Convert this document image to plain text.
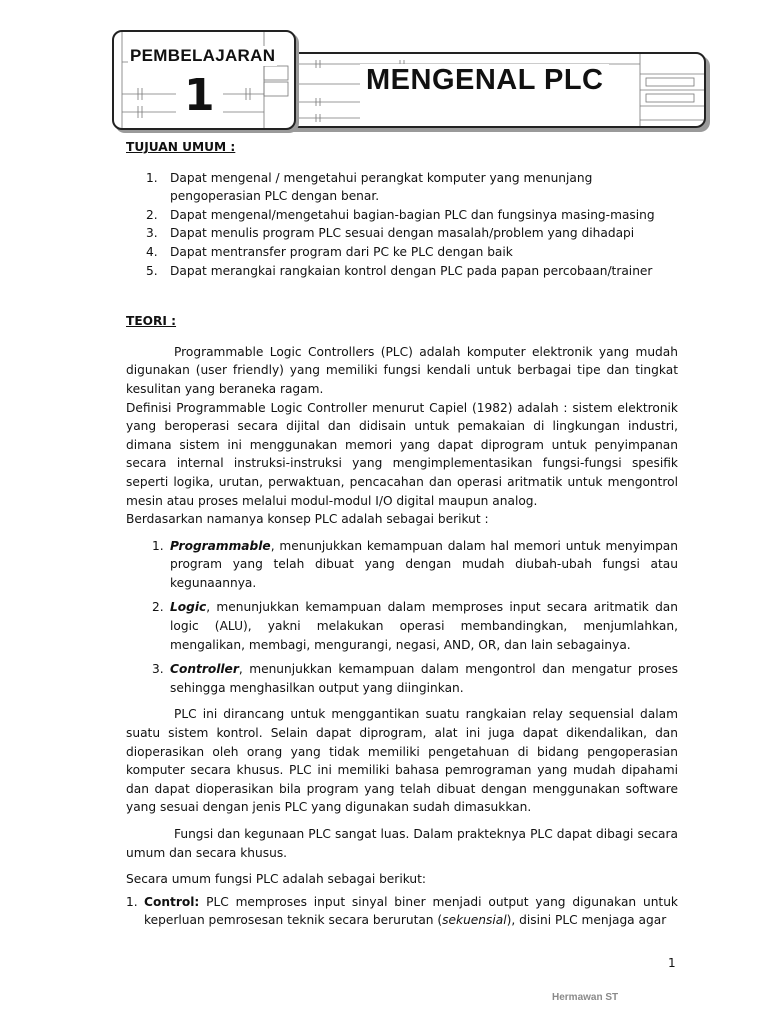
MENGENAL PLC
PEMBELAJARAN
1

TUJUAN UMUM :

1. Dapat mengenal / mengetahui perangkat komputer yang menunjang
pengoperasian PLC dengan benar.
2. Dapat mengenal/mengetahui bagian-bagian PLC dan fungsinya masing-masing
3. Dapat menulis program PLC sesuai dengan masalah/problem yang dihadapi
4. Dapat mentransfer program dari PC ke PLC dengan baik
5. Dapat merangkai rangkaian kontrol dengan PLC pada papan percobaan/trainer

TEORI :

Programmable Logic Controllers (PLC) adalah komputer elektronik yang mudah digunakan (user friendly) yang memiliki fungsi kendali untuk berbagai tipe dan tingkat kesulitan yang beraneka ragam.

Definisi Programmable Logic Controller menurut Capiel (1982) adalah : sistem elektronik yang beroperasi secara dijital dan didisain untuk pemakaian di lingkungan industri, dimana sistem ini menggunakan memori yang dapat diprogram untuk penyimpanan secara internal instruksi-instruksi yang mengimplementasikan fungsi-fungsi spesifik seperti logika, urutan, perwaktuan, pencacahan dan operasi aritmatik untuk mengontrol mesin atau proses melalui modul-modul I/O digital maupun analog.

Berdasarkan namanya konsep PLC adalah sebagai berikut :

1. Programmable, menunjukkan kemampuan dalam hal memori untuk menyimpan program yang telah dibuat yang dengan mudah diubah-ubah fungsi atau kegunaannya.
2. Logic, menunjukkan kemampuan dalam memproses input secara aritmatik dan logic (ALU), yakni melakukan operasi membandingkan, menjumlahkan, mengalikan, membagi, mengurangi, negasi, AND, OR, dan lain sebagainya.
3. Controller, menunjukkan kemampuan dalam mengontrol dan mengatur proses sehingga menghasilkan output yang diinginkan.

PLC ini dirancang untuk menggantikan suatu rangkaian relay sequensial dalam suatu sistem kontrol. Selain dapat diprogram, alat ini juga dapat dikendalikan, dan dioperasikan oleh orang yang tidak memiliki pengetahuan di bidang pengoperasian komputer secara khusus. PLC ini memiliki bahasa pemrograman yang mudah dipahami dan dapat dioperasikan bila program yang telah dibuat dengan menggunakan software yang sesuai dengan jenis PLC yang digunakan sudah dimasukkan.

Fungsi dan kegunaan PLC sangat luas. Dalam prakteknya PLC dapat dibagi secara umum dan secara khusus.

Secara umum fungsi PLC adalah sebagai berikut:

1. Control: PLC memproses input sinyal biner menjadi output yang digunakan untuk keperluan pemrosesan teknik secara berurutan (sekuensial), disini PLC menjaga agar
1
Hermawan ST
